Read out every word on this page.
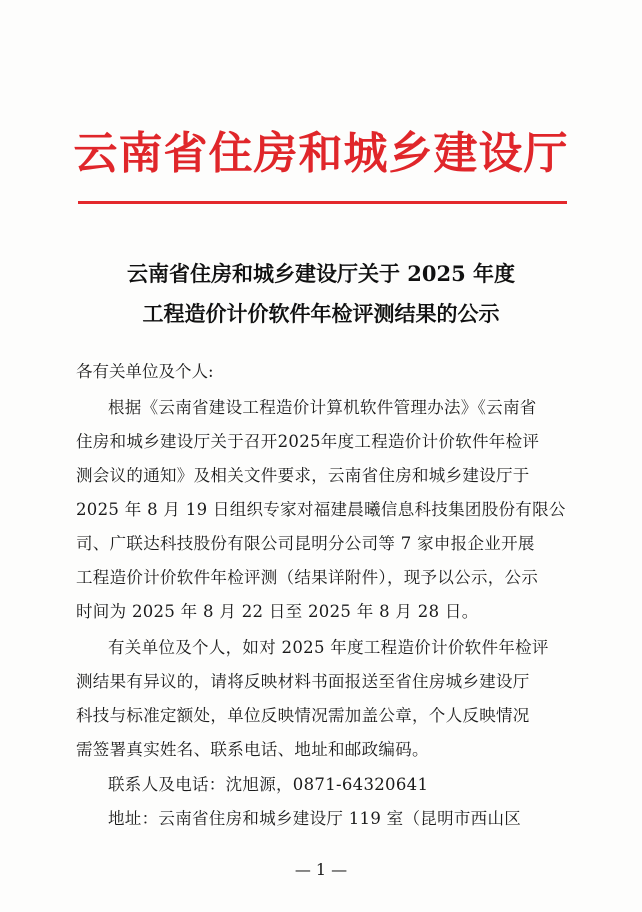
云南省住房和城乡建设厅
云南省住房和城乡建设厅关于 2025 年度
工程造价计价软件年检评测结果的公示
各有关单位及个人:
根据《云南省建设工程造价计算机软件管理办法》《云南省
住房和城乡建设厅关于召开2025年度工程造价计价软件年检评
测会议的通知》及相关文件要求，云南省住房和城乡建设厅于
2025 年 8 月 19 日组织专家对福建晨曦信息科技集团股份有限公
司、广联达科技股份有限公司昆明分公司等 7 家申报企业开展
工程造价计价软件年检评测（结果详附件），现予以公示，公示
时间为 2025 年 8 月 22 日至 2025 年 8 月 28 日。
有关单位及个人，如对 2025 年度工程造价计价软件年检评
测结果有异议的，请将反映材料书面报送至省住房城乡建设厅
科技与标准定额处，单位反映情况需加盖公章，个人反映情况
需签署真实姓名、联系电话、地址和邮政编码。
联系人及电话：沈旭源，0871-64320641
地址：云南省住房和城乡建设厅 119 室（昆明市西山区
— 1 —
